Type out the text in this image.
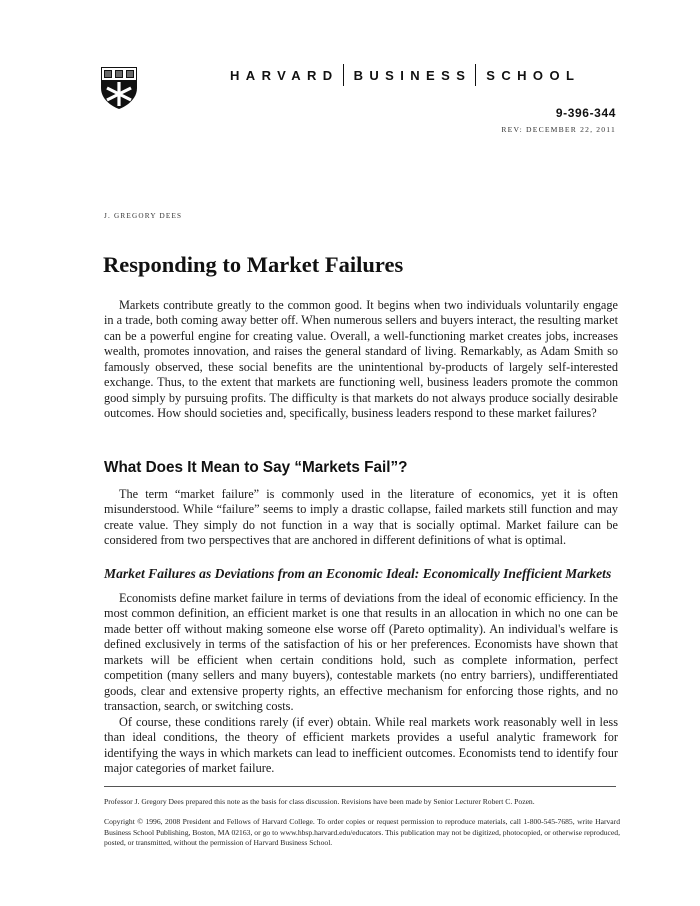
HARVARD BUSINESS SCHOOL
9-396-344
REV: DECEMBER 22, 2011
J. GREGORY DEES
Responding to Market Failures

Markets contribute greatly to the common good. It begins when two individuals voluntarily engage in a trade, both coming away better off. When numerous sellers and buyers interact, the resulting market can be a powerful engine for creating value. Overall, a well-functioning market creates jobs, increases wealth, promotes innovation, and raises the general standard of living. Remarkably, as Adam Smith so famously observed, these social benefits are the unintentional by-products of largely self-interested exchange. Thus, to the extent that markets are functioning well, business leaders promote the common good simply by pursuing profits. The difficulty is that markets do not always produce socially desirable outcomes. How should societies and, specifically, business leaders respond to these market failures?

What Does It Mean to Say “Markets Fail”?

The term “market failure” is commonly used in the literature of economics, yet it is often misunderstood. While “failure” seems to imply a drastic collapse, failed markets still function and may create value. They simply do not function in a way that is socially optimal. Market failure can be considered from two perspectives that are anchored in different definitions of what is optimal.

Market Failures as Deviations from an Economic Ideal: Economically Inefficient Markets

Economists define market failure in terms of deviations from the ideal of economic efficiency. In the most common definition, an efficient market is one that results in an allocation in which no one can be made better off without making someone else worse off (Pareto optimality). An individual's welfare is defined exclusively in terms of the satisfaction of his or her preferences. Economists have shown that markets will be efficient when certain conditions hold, such as complete information, perfect competition (many sellers and many buyers), contestable markets (no entry barriers), undifferentiated goods, clear and extensive property rights, an effective mechanism for enforcing those rights, and no transaction, search, or switching costs.

Of course, these conditions rarely (if ever) obtain. While real markets work reasonably well in less than ideal conditions, the theory of efficient markets provides a useful analytic framework for identifying the ways in which markets can lead to inefficient outcomes. Economists tend to identify four major categories of market failure.

Professor J. Gregory Dees prepared this note as the basis for class discussion. Revisions have been made by Senior Lecturer Robert C. Pozen.

Copyright © 1996, 2008 President and Fellows of Harvard College. To order copies or request permission to reproduce materials, call 1-800-545-7685, write Harvard Business School Publishing, Boston, MA 02163, or go to www.hbsp.harvard.edu/educators. This publication may not be digitized, photocopied, or otherwise reproduced, posted, or transmitted, without the permission of Harvard Business School.
